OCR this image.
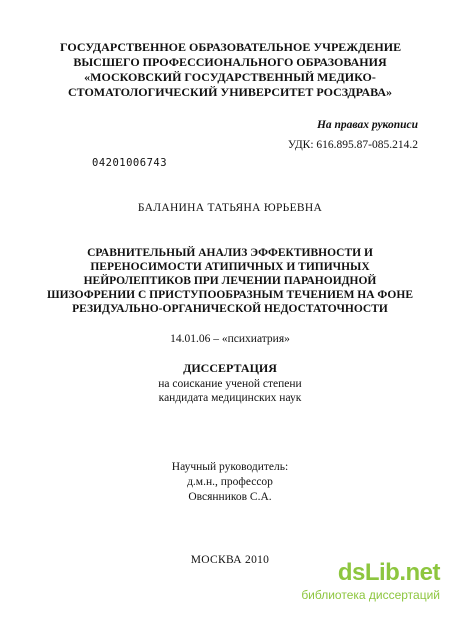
ГОСУДАРСТВЕННОЕ ОБРАЗОВАТЕЛЬНОЕ УЧРЕЖДЕНИЕ
ВЫСШЕГО ПРОФЕССИОНАЛЬНОГО ОБРАЗОВАНИЯ
«МОСКОВСКИЙ ГОСУДАРСТВЕННЫЙ МЕДИКО-
СТОМАТОЛОГИЧЕСКИЙ УНИВЕРСИТЕТ РОСЗДРАВА»
На правах рукописи
УДК: 616.895.87-085.214.2
04201006743
БАЛАНИНА ТАТЬЯНА ЮРЬЕВНА
СРАВНИТЕЛЬНЫЙ АНАЛИЗ ЭФФЕКТИВНОСТИ И
ПЕРЕНОСИМОСТИ АТИПИЧНЫХ И ТИПИЧНЫХ
НЕЙРОЛЕПТИКОВ ПРИ ЛЕЧЕНИИ ПАРАНОИДНОЙ
ШИЗОФРЕНИИ С ПРИСТУПООБРАЗНЫМ ТЕЧЕНИЕМ НА ФОНЕ
РЕЗИДУАЛЬНО-ОРГАНИЧЕСКОЙ НЕДОСТАТОЧНОСТИ
14.01.06 – «психиатрия»
ДИССЕРТАЦИЯ
на соискание ученой степени
кандидата медицинских наук
Научный руководитель:
д.м.н., профессор
Овсянников С.А.
МОСКВА 2010	dsLib.net
библиотека диссертаций
